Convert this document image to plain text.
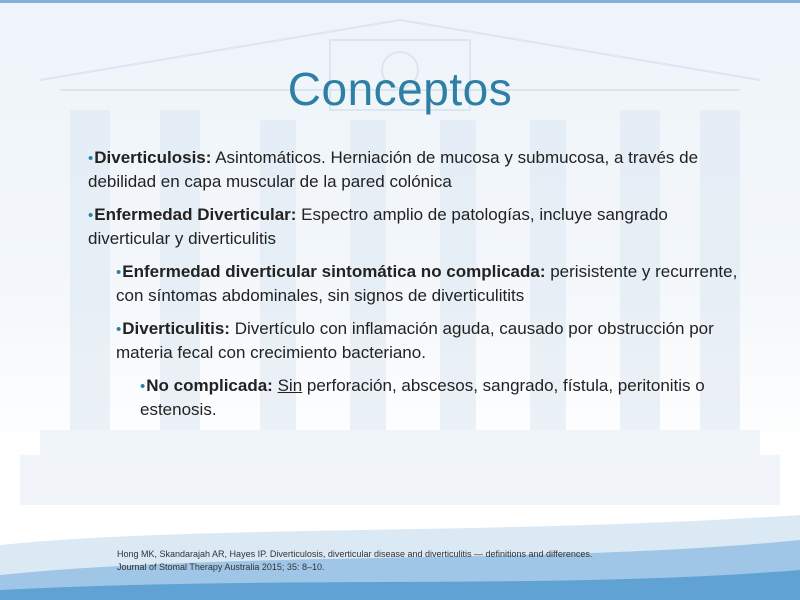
Conceptos
•Diverticulosis: Asintomáticos. Herniación de mucosa y submucosa, a través de debilidad en capa muscular de la pared colónica
•Enfermedad Diverticular: Espectro amplio de patologías, incluye sangrado diverticular y diverticulitis
•Enfermedad diverticular sintomática no complicada: perisistente y recurrente, con síntomas abdominales, sin signos de diverticulitits
•Diverticulitis: Divertículo con inflamación aguda, causado por obstrucción por materia fecal con crecimiento bacteriano.
•No complicada: Sin perforación, abscesos, sangrado, fístula, peritonitis o estenosis.
Hong MK, Skandarajah AR, Hayes IP. Diverticulosis, diverticular disease and diverticulitis — definitions and differences.
Journal of Stomal Therapy Australia 2015; 35: 8–10.
